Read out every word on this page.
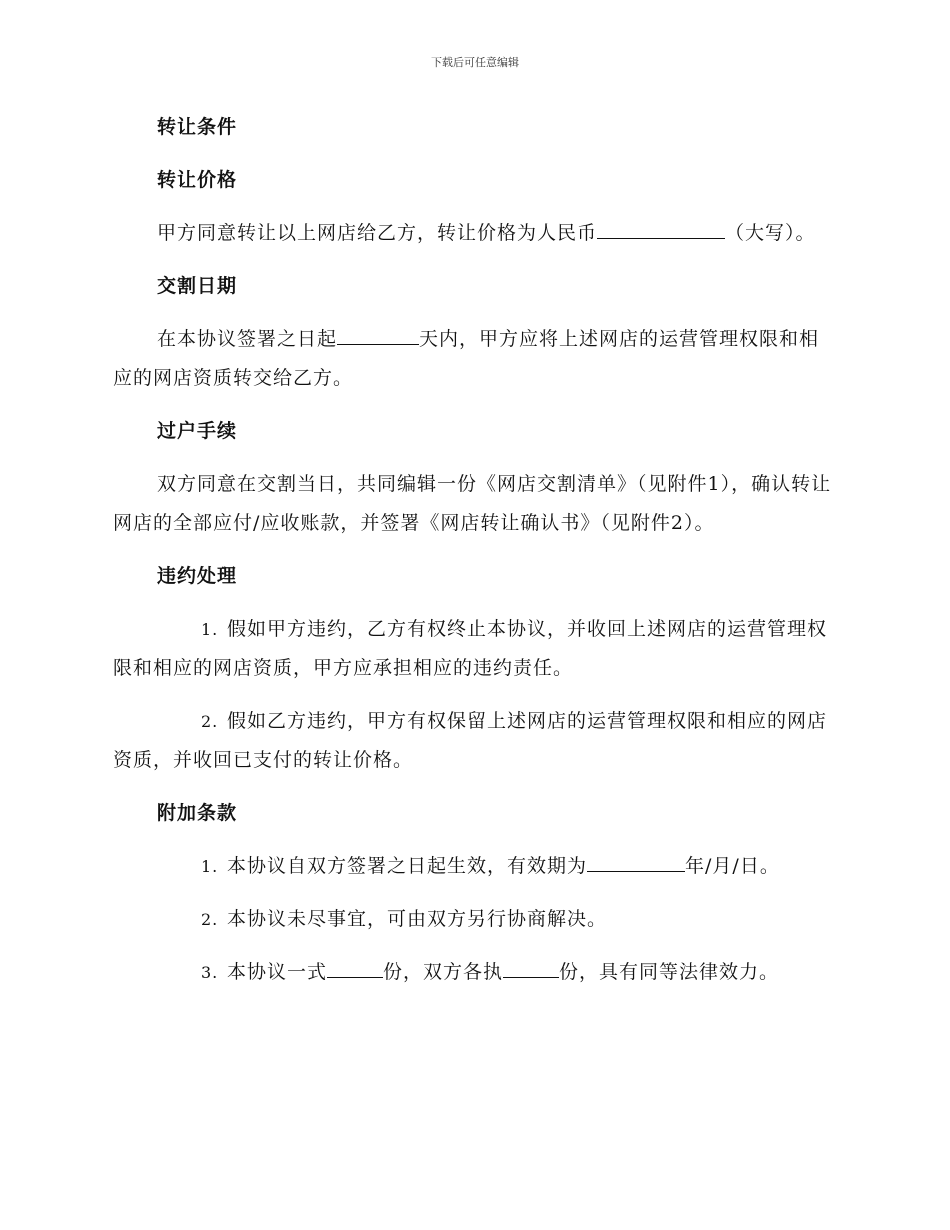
下载后可任意编辑
转让条件
转让价格
甲方同意转让以上网店给乙方，转让价格为人民币	（大写）。
交割日期
在本协议签署之日起	天内，甲方应将上述网店的运营管理权限和相应的网店资质转交给乙方。
过户手续
双方同意在交割当日，共同编辑一份《网店交割清单》（见附件1），确认转让网店的全部应付/应收账款，并签署《网店转让确认书》（见附件2）。
违约处理
1. 假如甲方违约，乙方有权终止本协议，并收回上述网店的运营管理权限和相应的网店资质，甲方应承担相应的违约责任。
2. 假如乙方违约，甲方有权保留上述网店的运营管理权限和相应的网店资质，并收回已支付的转让价格。
附加条款
1. 本协议自双方签署之日起生效，有效期为	年/月/日。
2. 本协议未尽事宜，可由双方另行协商解决。
3. 本协议一式	份，双方各执	份，具有同等法律效力。
